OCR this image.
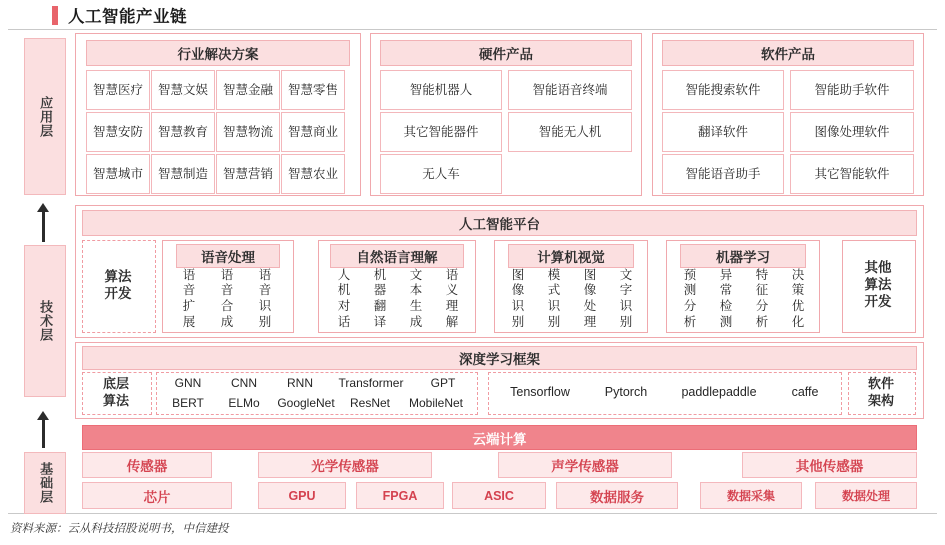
人工智能产业链
资料来源：云从科技招股说明书，中信建投
应用层
技术层
基础层
行业解决方案
智慧医疗 智慧文娱 智慧金融 智慧零售
智慧安防 智慧教育 智慧物流 智慧商业
智慧城市 智慧制造 智慧营销 智慧农业
硬件产品
智能机器人	智能语音终端
其它智能器件	智能无人机
无人车
软件产品
智能搜索软件	智能助手软件
翻译软件	图像处理软件
智能语音助手	其它智能软件
人工智能平台
算法开发
语音处理
语音扩展
语音合成
语音识别
自然语言理解
人机对话
机器翻译
文本生成
语义理解
计算机视觉
图像识别
模式识别
图像处理
文字识别
机器学习
预测分析
异常检测
特征分析
决策优化
其他算法开发
深度学习框架
底层算法
GNN CNN	RNN Transformer GPT
BERT ELMo GoogleNet ResNet MobileNet
Tensorflow	Pytorch	paddlepaddle	caffe
软件架构
云端计算
传感器	光学传感器	声学传感器	其他传感器
芯片	GPU	FPGA	ASIC	数据服务	数据采集	数据处理
